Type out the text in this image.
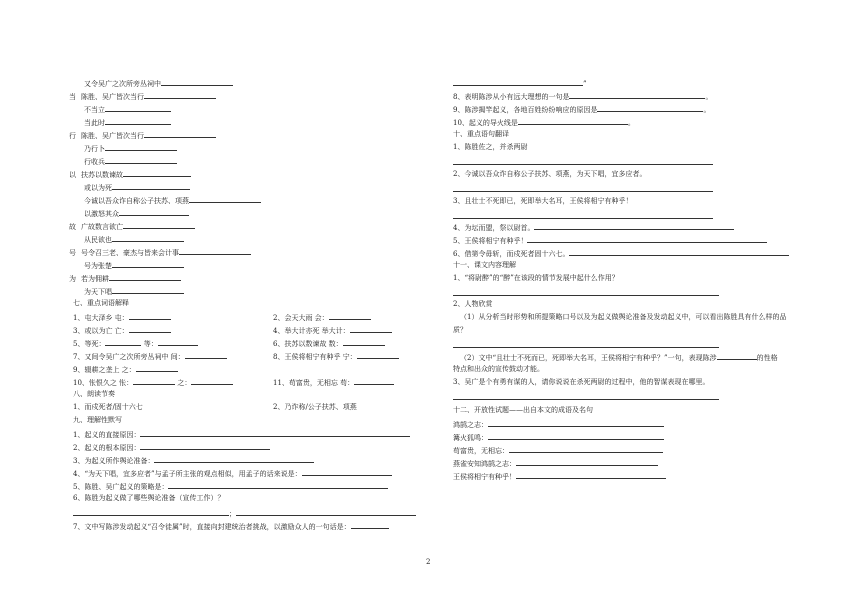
又令吴广之次所旁丛祠中
当 陈胜、吴广皆次当行
不当立
当此时
行 陈胜、吴广皆次当行
乃行卜
行收兵
以 扶苏以数谏故
或以为死
今诚以吾众诈自称公子扶苏、项燕
以激怒其众
故 广故数言欲亡
从民欲也
号 号令召三老、豪杰与皆来会计事
号为张楚
为 若为佣耕
为天下唱
七、重点词语解释
1、屯大泽乡 屯：	2、会天大雨 会：
3、或以为亡 亡：	4、举大计亦死 举大计：
5、等死：	等：	6、扶苏以数谏故 数：
7、又间令吴广之次所旁丛祠中 间：	8、王侯将相宁有种乎 宁：
9、辍耕之垄上 之：
10、怅恨久之 怅：	之：	11、苟富贵，无相忘 苟：
八、朗读节奏
1、而戍死者/固十六七	2、乃诈称/公子扶苏、项燕
九、理解性默写
1、起义的直接原因：
2、起义的根本原因：
3、为起义所作舆论准备：
4、“为天下唱，宜多应者”与孟子所主张的观点相似，用孟子的话来说是：
5、陈胜、吴广起义的策略是：
6、陈胜为起义做了哪些舆论准备（宣传工作）？
；
7、文中写陈涉发动起义“召令徒属”时，直接向封建统治者挑战，以激励众人的一句话是：
”
8、表明陈涉从小有远大理想的一句是	。
9、陈涉揭竿起义，各地百姓纷纷响应的原因是	。
10、起义的导火线是	。
十、重点语句翻译
1、陈胜佐之，并杀两尉
2、今诚以吾众诈自称公子扶苏、项燕，为天下唱，宜多应者。
3、且壮士不死即已，死即举大名耳，王侯将相宁有种乎！
4、为坛而盟，祭以尉首。
5、王侯将相宁有种乎！
6、借第令毋斩，而戍死者固十六七。
十一、课文内容理解
1、“将尉醉”的“醉”在该段的情节发展中起什么作用？
2、人物欣赏
（1）从分析当时形势和所提策略口号以及为起义做舆论准备及发动起义中，可以看出陈胜具有什么样的品
质？
（2）文中“且壮士不死而已，死即举大名耳，王侯将相宁有种乎？”一句，表现陈涉	的性格
特点和出众的宣传鼓动才能。
3、吴广是个有勇有谋的人，请你说说在杀死两尉的过程中，他的智谋表现在哪里。
十二、开放性试题——出自本文的成语及名句
鸿鹄之志：
篝火狐鸣：
苟富贵，无相忘：
燕雀安知鸿鹄之志：
王侯将相宁有种乎！
2
